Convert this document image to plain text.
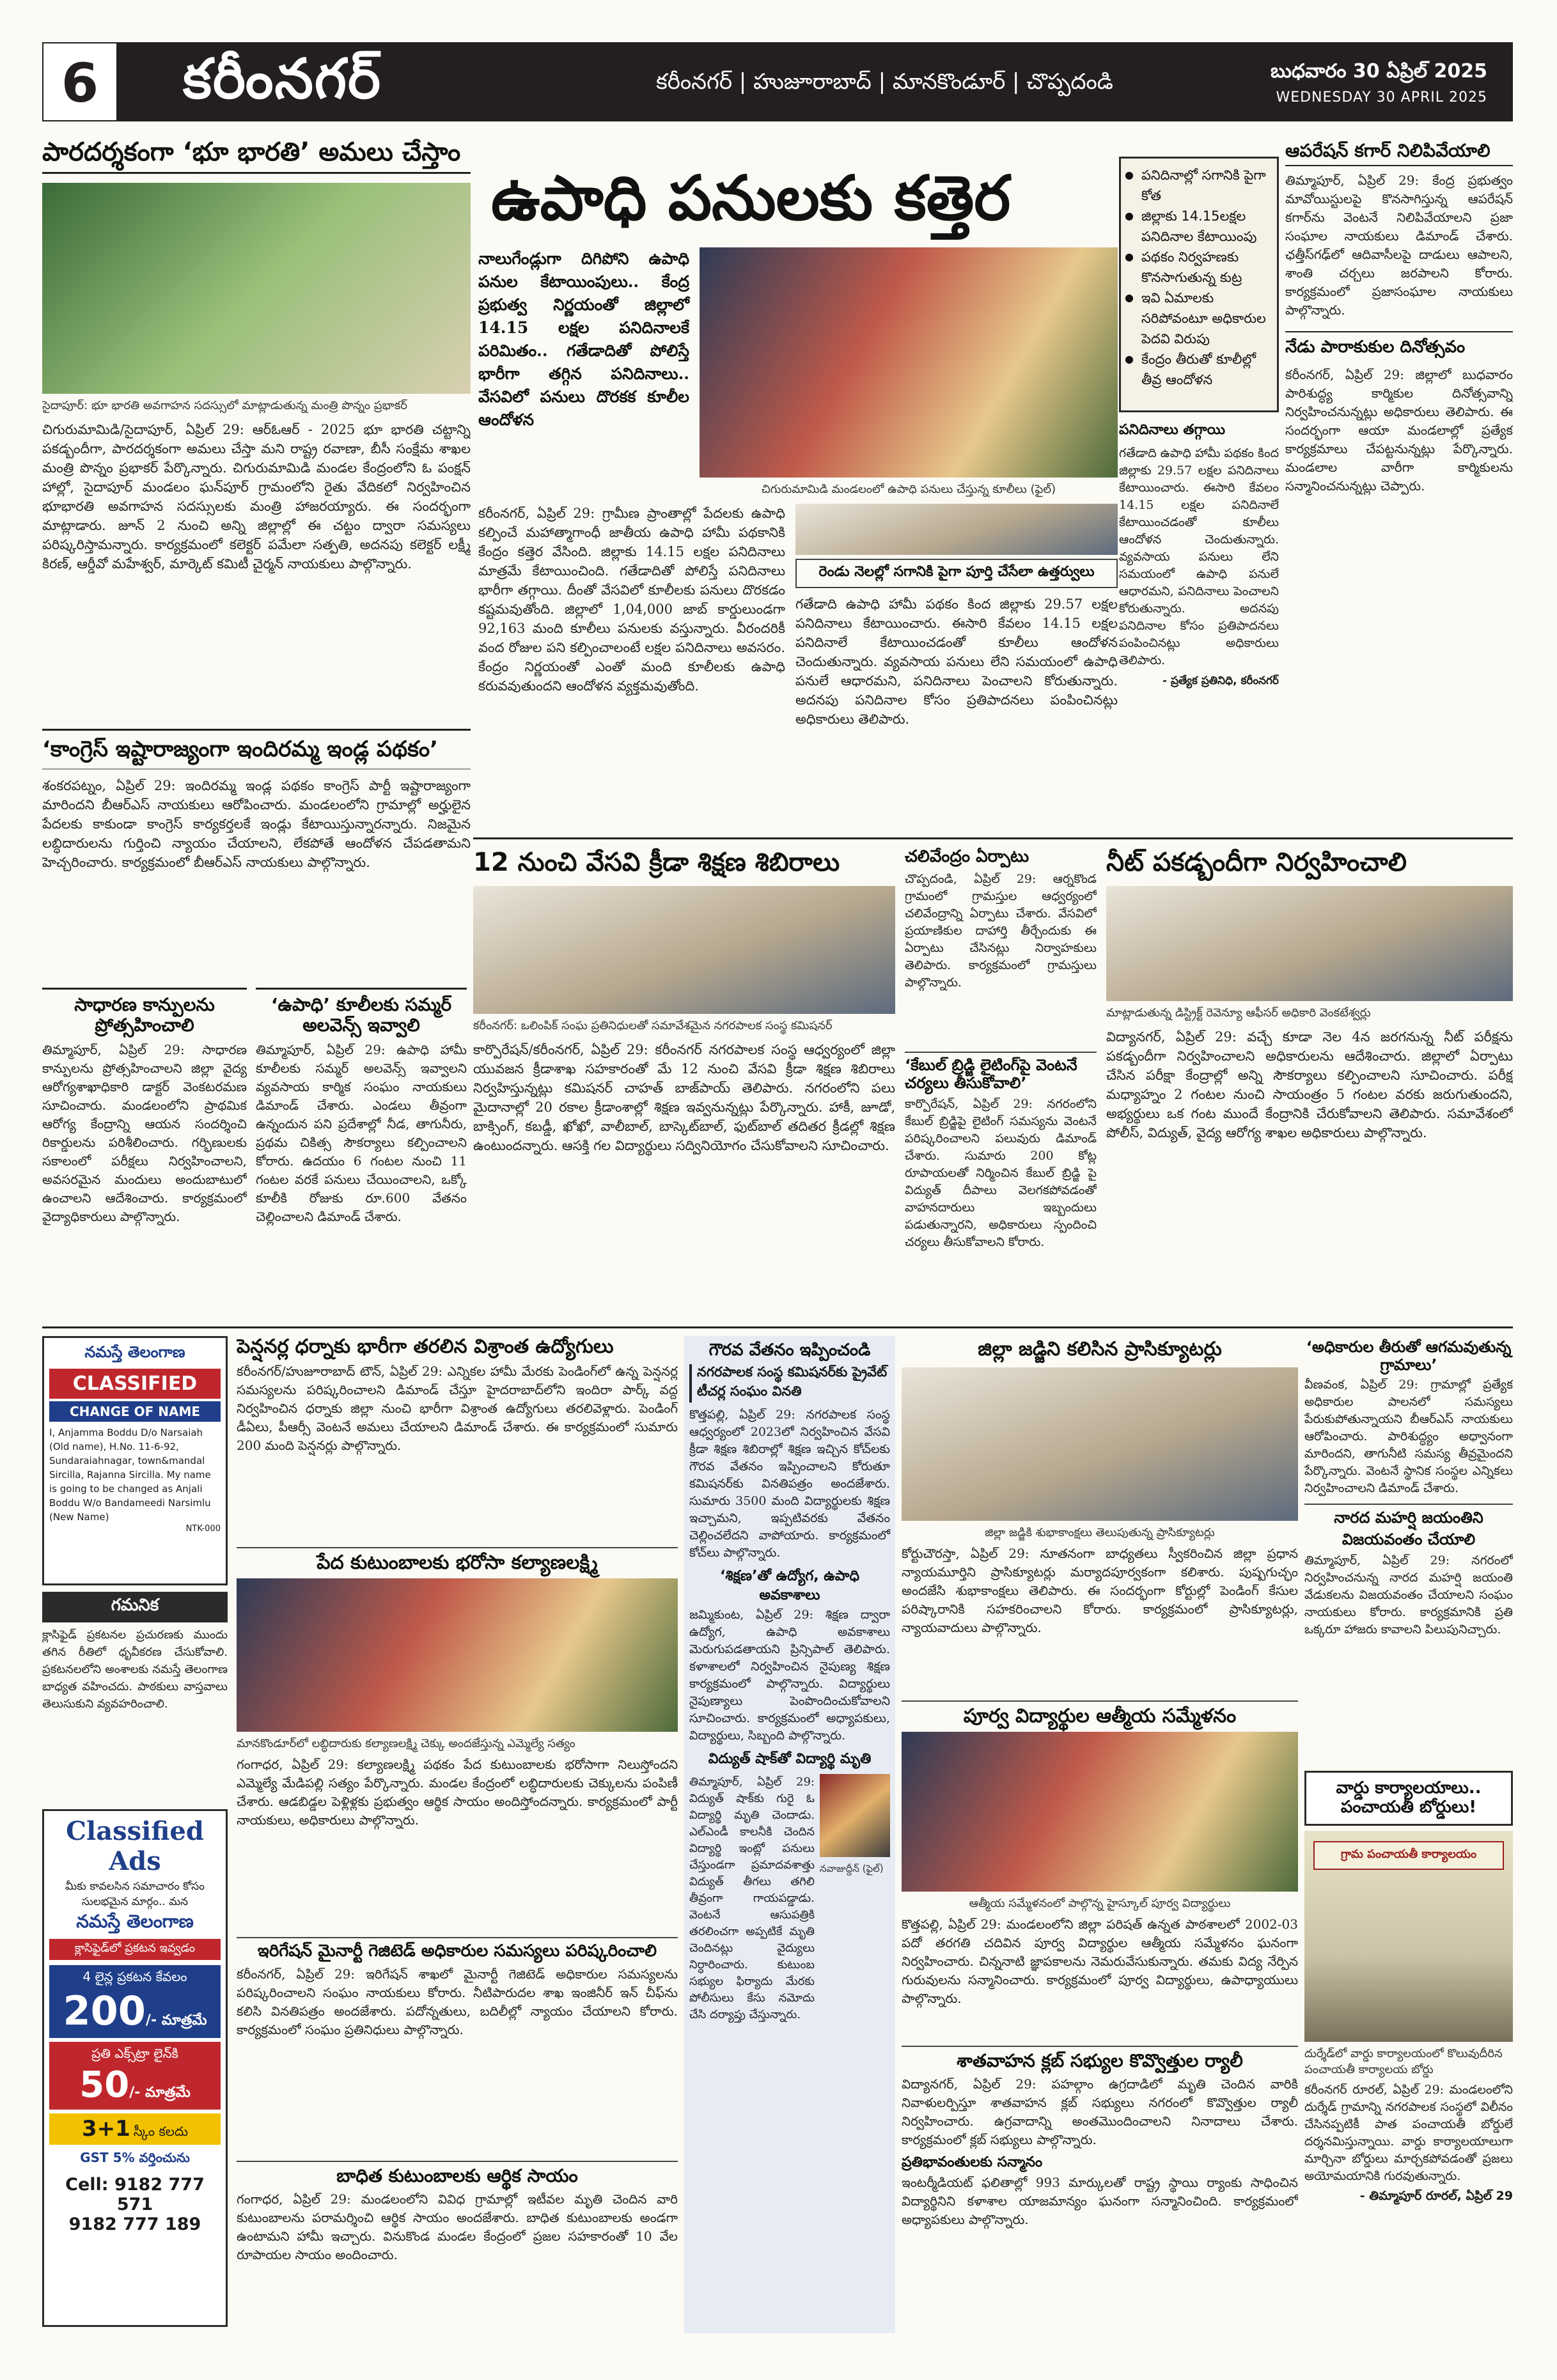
6	కరీంనగర్	కరీంనగర్ | హుజూరాబాద్ | మానకొండూర్ | చొప్పదండి	బుధవారం 30 ఏప్రిల్ 2025
WEDNESDAY 30 APRIL 2025
పారదర్శకంగా ‘భూ భారతి’ అమలు చేస్తాం
సైదాపూర్: భూ భారతి అవగాహన సదస్సులో మాట్లాడుతున్న మంత్రి పొన్నం ప్రభాకర్
చిగురుమామిడి/సైదాపూర్, ఏప్రిల్ 29: ఆర్ఓఆర్ - 2025 భూ భారతి చట్టాన్ని పకడ్బందీగా, పారదర్శకంగా అమలు చేస్తా మని రాష్ట్ర రవాణా, బీసీ సంక్షేమ శాఖల మంత్రి పొన్నం ప్రభాకర్ పేర్కొన్నారు. చిగురుమామిడి మండల కేంద్రంలోని ఓ పంక్షన్ హాల్లో, సైదాపూర్ మండలం ఘన్‌పూర్ గ్రామంలోని రైతు వేదికలో నిర్వహించిన భూభారతి అవగాహన సదస్సులకు మంత్రి హాజరయ్యారు. ఈ సందర్భంగా మాట్లాడారు. జూన్ 2 నుంచి అన్ని జిల్లాల్లో ఈ చట్టం ద్వారా సమస్యలు పరిష్కరిస్తామన్నారు. కార్యక్రమంలో కలెక్టర్ పమేలా సత్పతి, అదనపు కలెక్టర్ లక్ష్మీ కిరణ్, ఆర్డీవో మహేశ్వర్, మార్కెట్ కమిటీ చైర్మన్ నాయకులు పాల్గొన్నారు.
‘కాంగ్రెస్ ఇష్టారాజ్యంగా ఇందిరమ్మ ఇండ్ల పథకం’
శంకరపట్నం, ఏప్రిల్ 29: ఇందిరమ్మ ఇండ్ల పథకం కాంగ్రెస్ పార్టీ ఇష్టారాజ్యంగా మారిందని బీఆర్ఎస్ నాయకులు ఆరోపించారు. మండలంలోని గ్రామాల్లో అర్హులైన పేదలకు కాకుండా కాంగ్రెస్ కార్యకర్తలకే ఇండ్లు కేటాయిస్తున్నారన్నారు. నిజమైన లబ్ధిదారులను గుర్తించి న్యాయం చేయాలని, లేకపోతే ఆందోళన చేపడతామని హెచ్చరించారు. కార్యక్రమంలో బీఆర్ఎస్ నాయకులు పాల్గొన్నారు.
ఉపాధి పనులకు కత్తెర
నాలుగేండ్లుగా దిగిపోని ఉపాధి పనుల కేటాయింపులు.. కేంద్ర ప్రభుత్వ నిర్ణయంతో జిల్లాలో 14.15 లక్షల పనిదినాలకే పరిమితం.. గతేడాదితో పోలిస్తే భారీగా తగ్గిన పనిదినాలు.. వేసవిలో పనులు దొరకక కూలీల ఆందోళన
చిగురుమామిడి మండలంలో ఉపాధి పనులు చేస్తున్న కూలీలు (ఫైల్)
కరీంనగర్, ఏప్రిల్ 29: గ్రామీణ ప్రాంతాల్లో పేదలకు ఉపాధి కల్పించే మహాత్మాగాంధీ జాతీయ ఉపాధి హామీ పథకానికి కేంద్రం కత్తెర వేసింది. జిల్లాకు 14.15 లక్షల పనిదినాలు మాత్రమే కేటాయించింది. గతేడాదితో పోలిస్తే పనిదినాలు భారీగా తగ్గాయి. దీంతో వేసవిలో కూలీలకు పనులు దొరకడం కష్టమవుతోంది. జిల్లాలో 1,04,000 జాబ్ కార్డులుండగా 92,163 మంది కూలీలు పనులకు వస్తున్నారు. వీరందరికీ వంద రోజుల పని కల్పించాలంటే లక్షల పనిదినాలు అవసరం. కేంద్రం నిర్ణయంతో ఎంతో మంది కూలీలకు ఉపాధి కరువవుతుందని ఆందోళన వ్యక్తమవుతోంది.
రెండు నెలల్లో సగానికి పైగా పూర్తి చేసేలా ఉత్తర్వులు
గతేడాది ఉపాధి హామీ పథకం కింద జిల్లాకు 29.57 లక్షల పనిదినాలు కేటాయించారు. ఈసారి కేవలం 14.15 లక్షల పనిదినాలే కేటాయించడంతో కూలీలు ఆందోళన చెందుతున్నారు. వ్యవసాయ పనులు లేని సమయంలో ఉపాధి పనులే ఆధారమని, పనిదినాలు పెంచాలని కోరుతున్నారు. అదనపు పనిదినాల కోసం ప్రతిపాదనలు పంపించినట్లు అధికారులు తెలిపారు.
● పనిదినాల్లో సగానికి పైగా కోత
● జిల్లాకు 14.15లక్షల పనిదినాల కేటాయింపు
● పథకం నిర్వహణకు కొనసాగుతున్న కుట్ర
● ఇవి ఏమాలకు సరిపోవంటూ అధికారుల పెదవి విరుపు
● కేంద్రం తీరుతో కూలీల్లో తీవ్ర ఆందోళన
పనిదినాలు తగ్గాయి
గతేడాది ఉపాధి హామీ పథకం కింద జిల్లాకు 29.57 లక్షల పనిదినాలు కేటాయించారు. ఈసారి కేవలం 14.15 లక్షల పనిదినాలే కేటాయించడంతో కూలీలు ఆందోళన చెందుతున్నారు. వ్యవసాయ పనులు లేని సమయంలో ఉపాధి పనులే ఆధారమని, పనిదినాలు పెంచాలని కోరుతున్నారు. అదనపు పనిదినాల కోసం ప్రతిపాదనలు పంపించినట్లు అధికారులు తెలిపారు.
- ప్రత్యేక ప్రతినిధి, కరీంనగర్
ఆపరేషన్ కగార్‌ నిలిపివేయాలి
తిమ్మాపూర్, ఏప్రిల్ 29: కేంద్ర ప్రభుత్వం మావోయిస్టులపై కొనసాగిస్తున్న ఆపరేషన్ కగార్‌ను వెంటనే నిలిపివేయాలని ప్రజా సంఘాల నాయకులు డిమాండ్ చేశారు. ఛత్తీస్‌గఢ్‌లో ఆదివాసీలపై దాడులు ఆపాలని, శాంతి చర్చలు జరపాలని కోరారు. కార్యక్రమంలో ప్రజాసంఘాల నాయకులు పాల్గొన్నారు.
నేడు పారాకుకుల దినోత్సవం
కరీంనగర్, ఏప్రిల్ 29: జిల్లాలో బుధవారం పారిశుద్ధ్య కార్మికుల దినోత్సవాన్ని నిర్వహించనున్నట్లు అధికారులు తెలిపారు. ఈ సందర్భంగా ఆయా మండలాల్లో ప్రత్యేక కార్యక్రమాలు చేపట్టనున్నట్లు పేర్కొన్నారు. మండలాల వారీగా కార్మికులను సన్మానించనున్నట్లు చెప్పారు.
12 నుంచి వేసవి క్రీడా శిక్షణ శిబిరాలు
కరీంనగర్: ఒలింపిక్ సంఘ ప్రతినిధులతో సమావేశమైన నగరపాలక సంస్థ కమిషనర్
కార్పొరేషన్/కరీంనగర్, ఏప్రిల్ 29: కరీంనగర్ నగరపాలక సంస్థ ఆధ్వర్యంలో జిల్లా యువజన క్రీడాశాఖ సహకారంతో మే 12 నుంచి వేసవి క్రీడా శిక్షణ శిబిరాలు నిర్వహిస్తున్నట్లు కమిషనర్ చాహత్ బాజ్‌పాయ్ తెలిపారు. నగరంలోని పలు మైదానాల్లో 20 రకాల క్రీడాంశాల్లో శిక్షణ ఇవ్వనున్నట్లు పేర్కొన్నారు. హాకీ, జూడో, బాక్సింగ్, కబడ్డీ, ఖోఖో, వాలీబాల్, బాస్కెట్‌బాల్, ఫుట్‌బాల్ తదితర క్రీడల్లో శిక్షణ ఉంటుందన్నారు. ఆసక్తి గల విద్యార్థులు సద్వినియోగం చేసుకోవాలని సూచించారు.
చలివేంద్రం ఏర్పాటు
చొప్పదండి, ఏప్రిల్ 29: ఆర్నకొండ గ్రామంలో గ్రామస్తుల ఆధ్వర్యంలో చలివేంద్రాన్ని ఏర్పాటు చేశారు. వేసవిలో ప్రయాణికుల దాహార్తి తీర్చేందుకు ఈ ఏర్పాటు చేసినట్లు నిర్వాహకులు తెలిపారు. కార్యక్రమంలో గ్రామస్తులు పాల్గొన్నారు.
‘కేబుల్ బ్రిడ్జి లైటింగ్‌పై వెంటనే చర్యలు తీసుకోవాలి’
కార్పొరేషన్, ఏప్రిల్ 29: నగరంలోని కేబుల్ బ్రిడ్జిపై లైటింగ్ సమస్యను వెంటనే పరిష్కరించాలని పలువురు డిమాండ్ చేశారు. సుమారు 200 కోట్ల రూపాయలతో నిర్మించిన కేబుల్ బ్రిడ్జి పై విద్యుత్ దీపాలు వెలగకపోవడంతో వాహనదారులు ఇబ్బందులు పడుతున్నారని, అధికారులు స్పందించి చర్యలు తీసుకోవాలని కోరారు.
నీట్ పకడ్బందీగా నిర్వహించాలి
మాట్లాడుతున్న డిస్ట్రిక్ట్ రెవెన్యూ ఆఫీసర్ అధికారి వెంకటేశ్వర్లు
విద్యానగర్, ఏప్రిల్ 29: వచ్చే కూడా నెల 4న జరగనున్న నీట్ పరీక్షను పకడ్బందీగా నిర్వహించాలని అధికారులను ఆదేశించారు. జిల్లాలో ఏర్పాటు చేసిన పరీక్షా కేంద్రాల్లో అన్ని సౌకర్యాలు కల్పించాలని సూచించారు. పరీక్ష మధ్యాహ్నం 2 గంటల నుంచి సాయంత్రం 5 గంటల వరకు జరుగుతుందని, అభ్యర్థులు ఒక గంట ముందే కేంద్రానికి చేరుకోవాలని తెలిపారు. సమావేశంలో పోలీస్, విద్యుత్, వైద్య ఆరోగ్య శాఖల అధికారులు పాల్గొన్నారు.
సాధారణ కాన్పులను ప్రోత్సహించాలి
తిమ్మాపూర్, ఏప్రిల్ 29: సాధారణ కాన్పులను ప్రోత్సహించాలని జిల్లా వైద్య ఆరోగ్యశాఖాధికారి డాక్టర్ వెంకటరమణ సూచించారు. మండలంలోని ప్రాథమిక ఆరోగ్య కేంద్రాన్ని ఆయన సందర్శించి రికార్డులను పరిశీలించారు. గర్భిణులకు సకాలంలో పరీక్షలు నిర్వహించాలని, అవసరమైన మందులు అందుబాటులో ఉంచాలని ఆదేశించారు. కార్యక్రమంలో వైద్యాధికారులు పాల్గొన్నారు.
‘ఉపాధి’ కూలీలకు సమ్మర్ అలవెన్స్ ఇవ్వాలి
తిమ్మాపూర్, ఏప్రిల్ 29: ఉపాధి హామీ కూలీలకు సమ్మర్ అలవెన్స్ ఇవ్వాలని వ్యవసాయ కార్మిక సంఘం నాయకులు డిమాండ్ చేశారు. ఎండలు తీవ్రంగా ఉన్నందున పని ప్రదేశాల్లో నీడ, తాగునీరు, ప్రథమ చికిత్స సౌకర్యాలు కల్పించాలని కోరారు. ఉదయం 6 గంటల నుంచి 11 గంటల వరకే పనులు చేయించాలని, ఒక్కో కూలీకి రోజుకు రూ.600 వేతనం చెల్లించాలని డిమాండ్ చేశారు.
నమస్తే తెలంగాణ
CLASSIFIED
CHANGE OF NAME
I, Anjamma Boddu D/o Narsaiah (Old name), H.No. 11-6-92, Sundaraiahnagar, town&mandal Sircilla, Rajanna Sircilla. My name is going to be changed as Anjali Boddu W/o Bandameedi Narsimlu (New Name)
NTK-000
గమనిక
క్లాసిఫైడ్ ప్రకటనల ప్రచురణకు ముందు తగిన రీతిలో ధృవీకరణ చేసుకోవాలి. ప్రకటనలలోని అంశాలకు నమస్తే తెలంగాణ బాధ్యత వహించదు. పాఠకులు వాస్తవాలు తెలుసుకుని వ్యవహరించాలి.
Classified Ads
మీకు కావలసిన సమాచారం కోసం సులభమైన మార్గం.. మన
నమస్తే తెలంగాణ
క్లాసిఫైడ్‌లో ప్రకటన ఇవ్వడం
4 లైన్ల ప్రకటన కేవలం
200/- మాత్రమే
ప్రతి ఎక్స్‌ట్రా లైన్‌కి
50/- మాత్రమే
3+1 స్కీం కలదు
GST 5% వర్తించును
Cell: 9182 777 571
9182 777 189
పెన్షనర్ల ధర్నాకు భారీగా తరలిన విశ్రాంత ఉద్యోగులు
కరీంనగర్/హుజూరాబాద్ టౌన్, ఏప్రిల్ 29: ఎన్నికల హామీ మేరకు పెండింగ్‌లో ఉన్న పెన్షనర్ల సమస్యలను పరిష్కరించాలని డిమాండ్ చేస్తూ హైదరాబాద్‌లోని ఇందిరా పార్క్ వద్ద నిర్వహించిన ధర్నాకు జిల్లా నుంచి భారీగా విశ్రాంత ఉద్యోగులు తరలివెళ్లారు. పెండింగ్ డీఏలు, పీఆర్సీ వెంటనే అమలు చేయాలని డిమాండ్ చేశారు. ఈ కార్యక్రమంలో సుమారు 200 మంది పెన్షనర్లు పాల్గొన్నారు.
పేద కుటుంబాలకు భరోసా కల్యాణలక్ష్మి
మానకొండూర్‌లో లబ్ధిదారుకు కల్యాణలక్ష్మి చెక్కు అందజేస్తున్న ఎమ్మెల్యే సత్యం
గంగాధర, ఏప్రిల్ 29: కల్యాణలక్ష్మి పథకం పేద కుటుంబాలకు భరోసాగా నిలుస్తోందని ఎమ్మెల్యే మేడిపల్లి సత్యం పేర్కొన్నారు. మండల కేంద్రంలో లబ్ధిదారులకు చెక్కులను పంపిణీ చేశారు. ఆడబిడ్డల పెళ్లిళ్లకు ప్రభుత్వం ఆర్థిక సాయం అందిస్తోందన్నారు. కార్యక్రమంలో పార్టీ నాయకులు, అధికారులు పాల్గొన్నారు.
ఇరిగేషన్ మైనార్టీ గెజిటెడ్ అధికారుల సమస్యలు పరిష్కరించాలి
కరీంనగర్, ఏప్రిల్ 29: ఇరిగేషన్ శాఖలో మైనార్టీ గెజిటెడ్ అధికారుల సమస్యలను పరిష్కరించాలని సంఘం నాయకులు కోరారు. నీటిపారుదల శాఖ ఇంజినీర్ ఇన్ చీఫ్‌ను కలిసి వినతిపత్రం అందజేశారు. పదోన్నతులు, బదిలీల్లో న్యాయం చేయాలని కోరారు. కార్యక్రమంలో సంఘం ప్రతినిధులు పాల్గొన్నారు.
బాధిత కుటుంబాలకు ఆర్థిక సాయం
గంగాధర, ఏప్రిల్ 29: మండలంలోని వివిధ గ్రామాల్లో ఇటీవల మృతి చెందిన వారి కుటుంబాలను పరామర్శించి ఆర్థిక సాయం అందజేశారు. బాధిత కుటుంబాలకు అండగా ఉంటామని హామీ ఇచ్చారు. వినుకొండ మండల కేంద్రంలో ప్రజల సహకారంతో 10 వేల రూపాయల సాయం అందించారు.
గౌరవ వేతనం ఇప్పించండి
నగరపాలక సంస్థ కమిషనర్‌కు ప్రైవేట్ టీచర్ల సంఘం వినతి
కొత్తపల్లి, ఏప్రిల్ 29: నగరపాలక సంస్థ ఆధ్వర్యంలో 2023లో నిర్వహించిన వేసవి క్రీడా శిక్షణ శిబిరాల్లో శిక్షణ ఇచ్చిన కోచ్‌లకు గౌరవ వేతనం ఇప్పించాలని కోరుతూ కమిషనర్‌కు వినతిపత్రం అందజేశారు. సుమారు 3500 మంది విద్యార్థులకు శిక్షణ ఇచ్చామని, ఇప్పటివరకు వేతనం చెల్లించలేదని వాపోయారు. కార్యక్రమంలో కోచ్‌లు పాల్గొన్నారు.
‘శిక్షణ’తో ఉద్యోగ, ఉపాధి అవకాశాలు
జమ్మికుంట, ఏప్రిల్ 29: శిక్షణ ద్వారా ఉద్యోగ, ఉపాధి అవకాశాలు మెరుగుపడతాయని ప్రిన్సిపాల్ తెలిపారు. కళాశాలలో నిర్వహించిన నైపుణ్య శిక్షణ కార్యక్రమంలో పాల్గొన్నారు. విద్యార్థులు నైపుణ్యాలు పెంపొందించుకోవాలని సూచించారు. కార్యక్రమంలో అధ్యాపకులు, విద్యార్థులు, సిబ్బంది పాల్గొన్నారు.
విద్యుత్ షాక్‌తో విద్యార్థి మృతి
తిమ్మాపూర్, ఏప్రిల్ 29: విద్యుత్ షాక్‌కు గురై ఓ విద్యార్థి మృతి చెందాడు. ఎల్ఎండీ కాలనీకి చెందిన విద్యార్థి ఇంట్లో పనులు చేస్తుండగా ప్రమాదవశాత్తు విద్యుత్ తీగలు తగిలి తీవ్రంగా గాయపడ్డాడు. వెంటనే ఆసుపత్రికి తరలించగా అప్పటికే మృతి చెందినట్లు వైద్యులు నిర్ధారించారు. కుటుంబ సభ్యుల ఫిర్యాదు మేరకు పోలీసులు కేసు నమోదు చేసి దర్యాప్తు చేస్తున్నారు.
నవాజుద్దీన్ (ఫైల్)
జిల్లా జడ్జిని కలిసిన ప్రాసిక్యూటర్లు
జిల్లా జడ్జికి శుభాకాంక్షలు తెలుపుతున్న ప్రాసిక్యూటర్లు
కోర్టుచౌరస్తా, ఏప్రిల్ 29: నూతనంగా బాధ్యతలు స్వీకరించిన జిల్లా ప్రధాన న్యాయమూర్తిని ప్రాసిక్యూటర్లు మర్యాదపూర్వకంగా కలిశారు. పుష్పగుచ్ఛం అందజేసి శుభాకాంక్షలు తెలిపారు. ఈ సందర్భంగా కోర్టుల్లో పెండింగ్ కేసుల పరిష్కారానికి సహకరించాలని కోరారు. కార్యక్రమంలో ప్రాసిక్యూటర్లు, న్యాయవాదులు పాల్గొన్నారు.
పూర్వ విద్యార్థుల ఆత్మీయ సమ్మేళనం
ఆత్మీయ సమ్మేళనంలో పాల్గొన్న హైస్కూల్ పూర్వ విద్యార్థులు
కొత్తపల్లి, ఏప్రిల్ 29: మండలంలోని జిల్లా పరిషత్ ఉన్నత పాఠశాలలో 2002-03 పదో తరగతి చదివిన పూర్వ విద్యార్థుల ఆత్మీయ సమ్మేళనం ఘనంగా నిర్వహించారు. చిన్ననాటి జ్ఞాపకాలను నెమరువేసుకున్నారు. తమకు విద్య నేర్పిన గురువులను సన్మానించారు. కార్యక్రమంలో పూర్వ విద్యార్థులు, ఉపాధ్యాయులు పాల్గొన్నారు.
శాతవాహన క్లబ్ సభ్యుల కొవ్వొత్తుల ర్యాలీ
విద్యానగర్, ఏప్రిల్ 29: పహల్గాం ఉగ్రదాడిలో మృతి చెందిన వారికి నివాళులర్పిస్తూ శాతవాహన క్లబ్ సభ్యులు నగరంలో కొవ్వొత్తుల ర్యాలీ నిర్వహించారు. ఉగ్రవాదాన్ని అంతమొందించాలని నినాదాలు చేశారు. కార్యక్రమంలో క్లబ్ సభ్యులు పాల్గొన్నారు.
ప్రతిభావంతులకు సన్మానం
ఇంటర్మీడియట్ ఫలితాల్లో 993 మార్కులతో రాష్ట్ర స్థాయి ర్యాంకు సాధించిన విద్యార్థినిని కళాశాల యాజమాన్యం ఘనంగా సన్మానించింది. కార్యక్రమంలో అధ్యాపకులు పాల్గొన్నారు.
‘అధికారుల తీరుతో ఆగమవుతున్న గ్రామాలు’
వీణవంక, ఏప్రిల్ 29: గ్రామాల్లో ప్రత్యేక అధికారుల పాలనలో సమస్యలు పేరుకుపోతున్నాయని బీఆర్ఎస్ నాయకులు ఆరోపించారు. పారిశుద్ధ్యం అధ్వానంగా మారిందని, తాగునీటి సమస్య తీవ్రమైందని పేర్కొన్నారు. వెంటనే స్థానిక సంస్థల ఎన్నికలు నిర్వహించాలని డిమాండ్ చేశారు.
నారద మహర్షి జయంతిని విజయవంతం చేయాలి
తిమ్మాపూర్, ఏప్రిల్ 29: నగరంలో నిర్వహించనున్న నారద మహర్షి జయంతి వేడుకలను విజయవంతం చేయాలని సంఘం నాయకులు కోరారు. కార్యక్రమానికి ప్రతి ఒక్కరూ హాజరు కావాలని పిలుపునిచ్చారు.
వార్డు కార్యాలయాలు.. పంచాయతీ బోర్డులు!
గ్రామ పంచాయతీ కార్యాలయం
దుర్శేడ్‌లో వార్డు కార్యాలయంలో కొలువుదీరిన పంచాయతీ కార్యాలయ బోర్డు
కరీంనగర్ రూరల్, ఏప్రిల్ 29: మండలంలోని దుర్శేడ్ గ్రామాన్ని నగరపాలక సంస్థలో విలీనం చేసినప్పటికీ పాత పంచాయతీ బోర్డులే దర్శనమిస్తున్నాయి. వార్డు కార్యాలయాలుగా మార్చినా బోర్డులు మార్చకపోవడంతో ప్రజలు అయోమయానికి గురవుతున్నారు.
- తిమ్మాపూర్ రూరల్, ఏప్రిల్ 29
